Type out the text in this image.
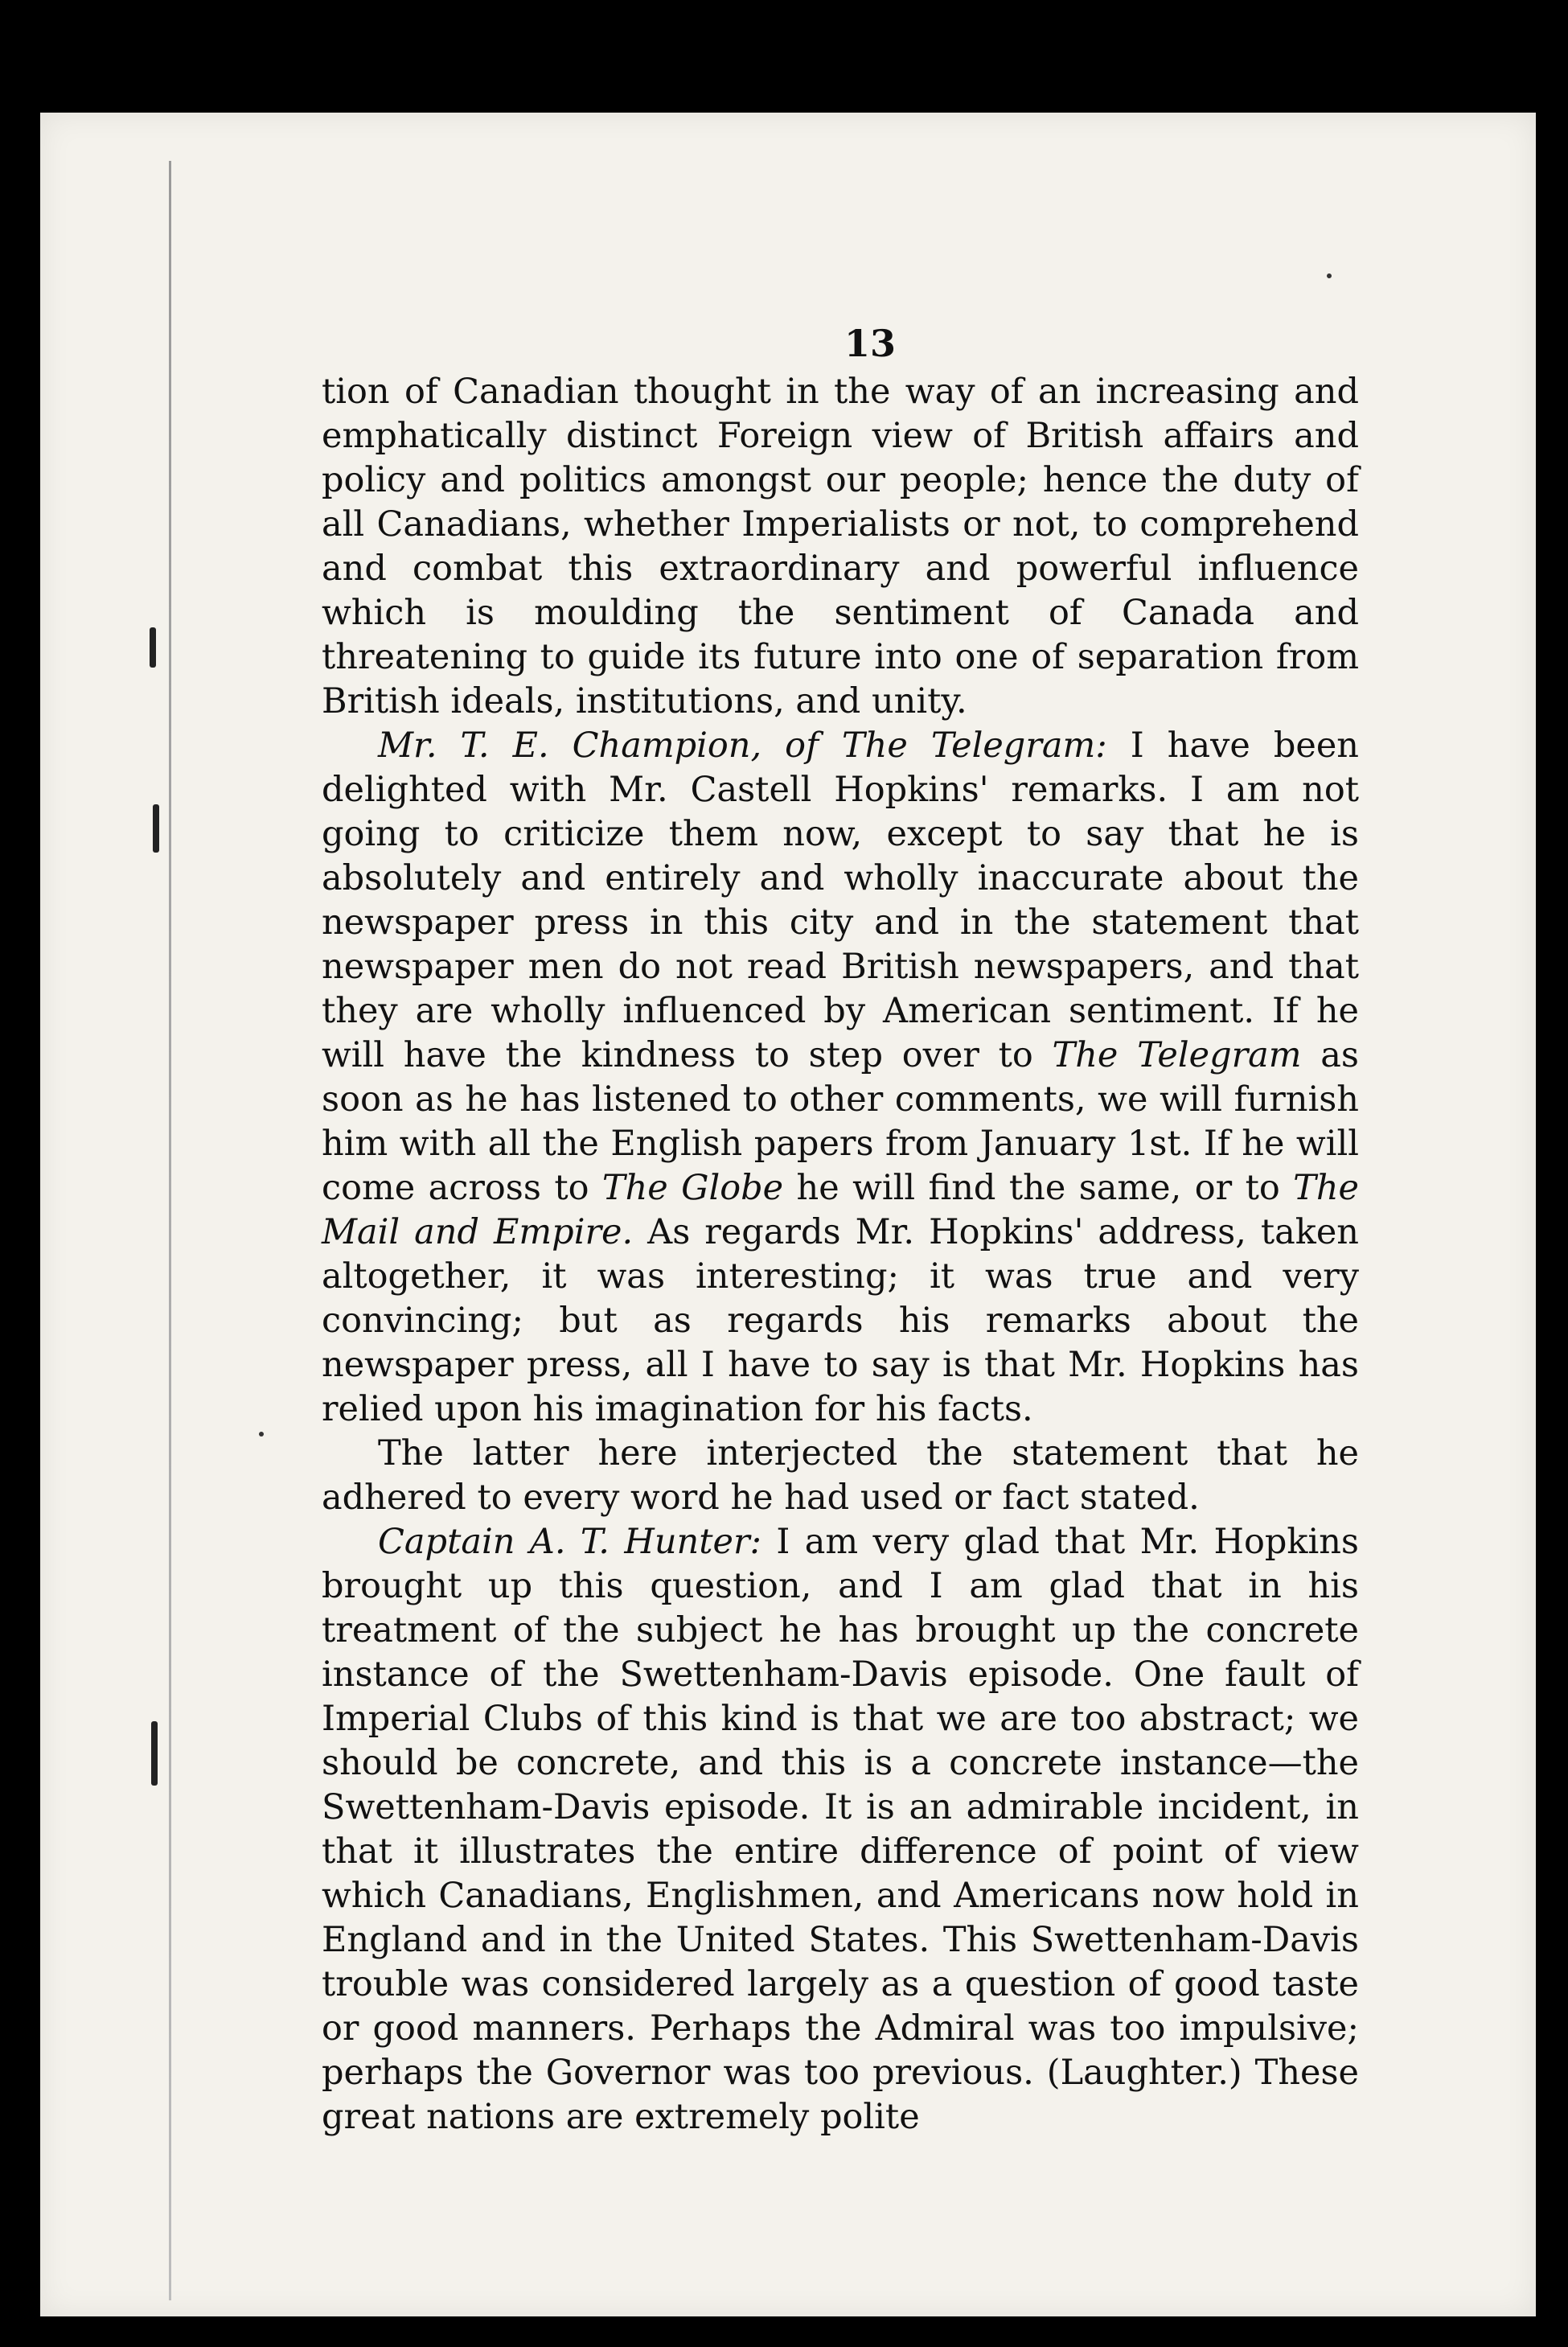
13

tion of Canadian thought in the way of an increasing and emphatically distinct Foreign view of British affairs and policy and politics amongst our people; hence the duty of all Canadians, whether Imperialists or not, to comprehend and combat this extraordinary and powerful influence which is moulding the sentiment of Canada and threatening to guide its future into one of separation from British ideals, institutions, and unity.

Mr. T. E. Champion, of The Telegram: I have been delighted with Mr. Castell Hopkins' remarks. I am not going to criticize them now, except to say that he is absolutely and entirely and wholly inaccurate about the newspaper press in this city and in the statement that newspaper men do not read British newspapers, and that they are wholly influenced by American sentiment. If he will have the kindness to step over to The Telegram as soon as he has listened to other comments, we will furnish him with all the English papers from January 1st. If he will come across to The Globe he will find the same, or to The Mail and Empire. As regards Mr. Hopkins' address, taken altogether, it was interesting; it was true and very convincing; but as regards his remarks about the newspaper press, all I have to say is that Mr. Hopkins has relied upon his imagination for his facts.

The latter here interjected the statement that he adhered to every word he had used or fact stated.

Captain A. T. Hunter: I am very glad that Mr. Hopkins brought up this question, and I am glad that in his treatment of the subject he has brought up the concrete instance of the Swettenham-Davis episode. One fault of Imperial Clubs of this kind is that we are too abstract; we should be concrete, and this is a concrete instance—the Swettenham-Davis episode. It is an admirable incident, in that it illustrates the entire difference of point of view which Canadians, Englishmen, and Americans now hold in England and in the United States. This Swettenham-Davis trouble was considered largely as a question of good taste or good manners. Perhaps the Admiral was too impulsive; perhaps the Governor was too previous. (Laughter.) These great nations are extremely polite
